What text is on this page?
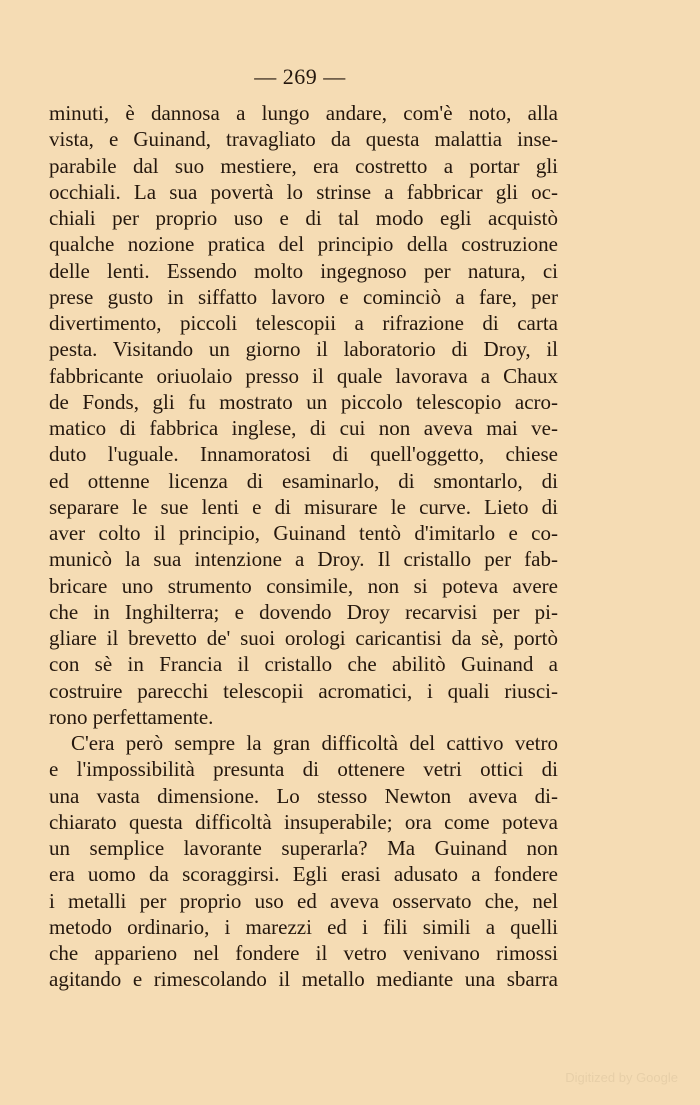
— 269 —
minuti, è dannosa a lungo andare, com'è noto, alla
vista, e Guinand, travagliato da questa malattia inse-
parabile dal suo mestiere, era costretto a portar gli
occhiali. La sua povertà lo strinse a fabbricar gli oc-
chiali per proprio uso e di tal modo egli acquistò
qualche nozione pratica del principio della costruzione
delle lenti. Essendo molto ingegnoso per natura, ci
prese gusto in siffatto lavoro e cominciò a fare, per
divertimento, piccoli telescopii a rifrazione di carta
pesta. Visitando un giorno il laboratorio di Droy, il
fabbricante oriuolaio presso il quale lavorava a Chaux
de Fonds, gli fu mostrato un piccolo telescopio acro-
matico di fabbrica inglese, di cui non aveva mai ve-
duto l'uguale. Innamoratosi di quell'oggetto, chiese
ed ottenne licenza di esaminarlo, di smontarlo, di
separare le sue lenti e di misurare le curve. Lieto di
aver colto il principio, Guinand tentò d'imitarlo e co-
municò la sua intenzione a Droy. Il cristallo per fab-
bricare uno strumento consimile, non si poteva avere
che in Inghilterra; e dovendo Droy recarvisi per pi-
gliare il brevetto de' suoi orologi caricantisi da sè, portò
con sè in Francia il cristallo che abilitò Guinand a
costruire parecchi telescopii acromatici, i quali riusci-
rono perfettamente.
C'era però sempre la gran difficoltà del cattivo vetro
e l'impossibilità presunta di ottenere vetri ottici di
una vasta dimensione. Lo stesso Newton aveva di-
chiarato questa difficoltà insuperabile; ora come poteva
un semplice lavorante superarla? Ma Guinand non
era uomo da scoraggirsi. Egli erasi adusato a fondere
i metalli per proprio uso ed aveva osservato che, nel
metodo ordinario, i marezzi ed i fili simili a quelli
che apparieno nel fondere il vetro venivano rimossi
agitando e rimescolando il metallo mediante una sbarra
Digitized by Google
